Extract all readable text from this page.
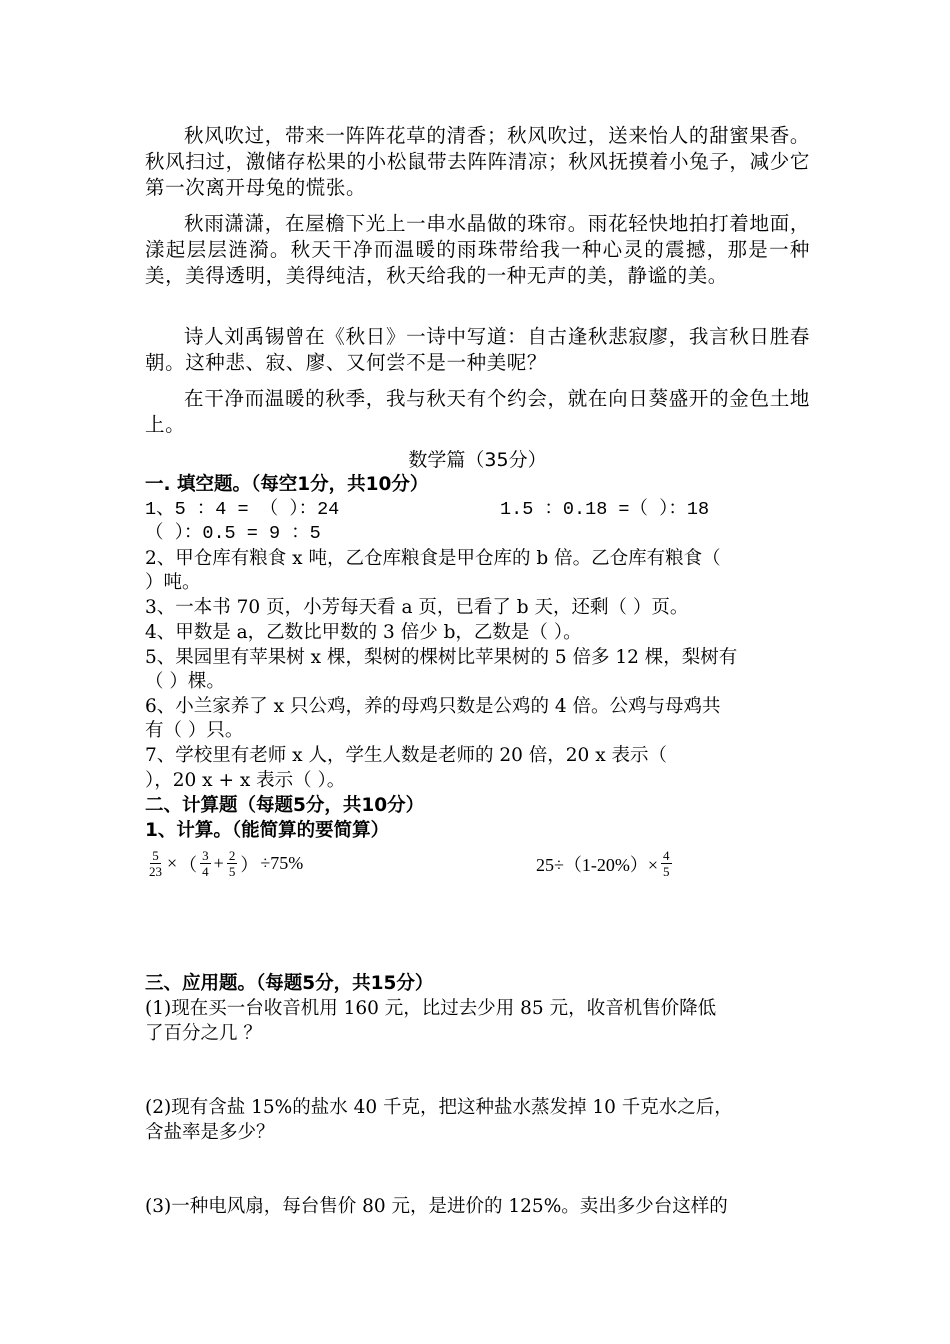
秋风吹过，带来一阵阵花草的清香；秋风吹过，送来怡人的甜蜜果香。秋风扫过，激储存松果的小松鼠带去阵阵清凉；秋风抚摸着小兔子，减少它第一次离开母兔的慌张。

秋雨潇潇，在屋檐下光上一串水晶做的珠帘。雨花轻快地拍打着地面，漾起层层涟漪。秋天干净而温暖的雨珠带给我一种心灵的震撼，那是一种美，美得透明，美得纯洁，秋天给我的一种无声的美，静谧的美。

诗人刘禹锡曾在《秋日》一诗中写道：自古逢秋悲寂廖，我言秋日胜春朝。这种悲、寂、廖、又何尝不是一种美呢？

在干净而温暖的秋季，我与秋天有个约会，就在向日葵盛开的金色土地上。

数学篇（35分）
一. 填空题。（每空1分，共10分）
1、5 ：4 = （ ）：24	1.5 ：0.18 =（ ）：18
（ ）：0.5 = 9 ：5
2、甲仓库有粮食 x 吨，乙仓库粮食是甲仓库的 b 倍。乙仓库有粮食（
）吨。
3、一本书 70 页，小芳每天看 a 页，已看了 b 天，还剩（ ）页。
4、甲数是 a，乙数比甲数的 3 倍少 b，乙数是（ ）。
5、果园里有苹果树 x 棵，梨树的棵树比苹果树的 5 倍多 12 棵，梨树有
（ ）棵。
6、小兰家养了 x 只公鸡，养的母鸡只数是公鸡的 4 倍。公鸡与母鸡共
有（ ）只。
7、学校里有老师 x 人，学生人数是老师的 20 倍，20 x 表示（
），20 x + x 表示（ ）。
二、计算题（每题5分，共10分）
1、计算。（能简算的要简算）
$\frac{5}{23}$ × （ $\frac{3}{4} + \frac{2}{5}$ ） ÷75%	$25\div(1-20\%)\times \frac{4}{5}$
三、应用题。（每题5分，共15分）
(1)现在买一台收音机用 160 元，比过去少用 85 元，收音机售价降低
了百分之几 ？
(2)现有含盐 15%的盐水 40 千克，把这种盐水蒸发掉 10 千克水之后，
含盐率是多少？
(3)一种电风扇，每台售价 80 元，是进价的 125%。卖出多少台这样的
